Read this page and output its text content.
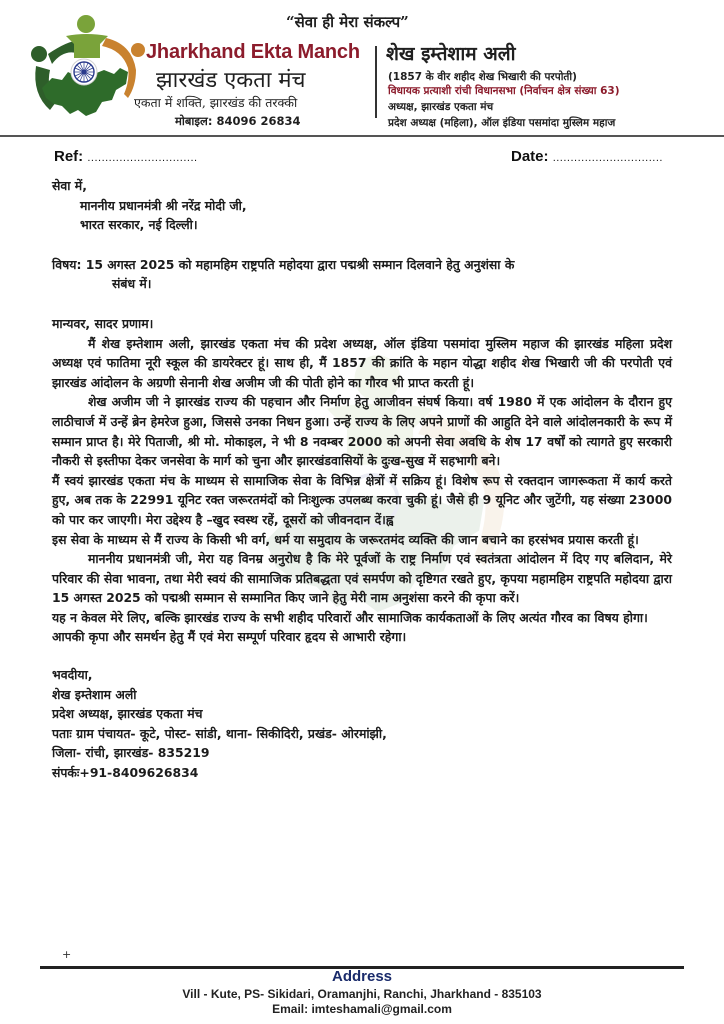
“सेवा ही मेरा संकल्प”
Jharkhand Ekta Manch
झारखंड एकता मंच
एकता में शक्ति, झारखंड की तरक्की
मोबाइल: 84096 26834
शेख इम्तेशाम अली
(1857 के वीर शहीद शेख भिखारी की परपोती)
विधायक प्रत्याशी रांची विधानसभा (निर्वाचन क्षेत्र संख्या 63)
अध्यक्ष, झारखंड एकता मंच
प्रदेश अध्यक्ष (महिला), ऑल इंडिया पसमांदा मुस्लिम महाज
Ref: ...............................	Date: ...............................

सेवा में,

माननीय प्रधानमंत्री श्री नरेंद्र मोदी जी,

भारत सरकार, नई दिल्ली।

विषय: 15 अगस्त 2025 को महामहिम राष्ट्रपति महोदया द्वारा पद्मश्री सम्मान दिलवाने हेतु अनुशंसा के

संबंध में।

मान्यवर, सादर प्रणाम।

मैं शेख इम्तेशाम अली, झारखंड एकता मंच की प्रदेश अध्यक्ष, ऑल इंडिया पसमांदा मुस्लिम महाज की झारखंड महिला प्रदेश अध्यक्ष एवं फातिमा नूरी स्कूल की डायरेक्टर हूं। साथ ही, मैं 1857 की क्रांति के महान योद्धा शहीद शेख भिखारी जी की परपोती एवं झारखंड आंदोलन के अग्रणी सेनानी शेख अजीम जी की पोती होने का गौरव भी प्राप्त करती हूं।

शेख अजीम जी ने झारखंड राज्य की पहचान और निर्माण हेतु आजीवन संघर्ष किया। वर्ष 1980 में एक आंदोलन के दौरान हुए लाठीचार्ज में उन्हें ब्रेन हेमरेज हुआ, जिससे उनका निधन हुआ। उन्हें राज्य के लिए अपने प्राणों की आहुति देने वाले आंदोलनकारी के रूप में सम्मान प्राप्त है। मेरे पिताजी, श्री मो. मोकाइल, ने भी 8 नवम्बर 2000 को अपनी सेवा अवधि के शेष 17 वर्षों को त्यागते हुए सरकारी नौकरी से इस्तीफा देकर जनसेवा के मार्ग को चुना और झारखंडवासियों के दुःख-सुख में सहभागी बने।

मैं स्वयं झारखंड एकता मंच के माध्यम से सामाजिक सेवा के विभिन्न क्षेत्रों में सक्रिय हूं। विशेष रूप से रक्तदान जागरूकता में कार्य करते हुए, अब तक के 22991 यूनिट रक्त जरूरतमंदों को निःशुल्क उपलब्ध करवा चुकी हूं। जैसे ही 9 यूनिट और जुटेंगी, यह संख्या 23000 को पार कर जाएगी। मेरा उद्देश्य है –खुद स्वस्थ रहें, दूसरों को जीवनदान दें।ह्व

इस सेवा के माध्यम से मैं राज्य के किसी भी वर्ग, धर्म या समुदाय के जरूरतमंद व्यक्ति की जान बचाने का हरसंभव प्रयास करती हूं।

माननीय प्रधानमंत्री जी, मेरा यह विनम्र अनुरोध है कि मेरे पूर्वजों के राष्ट्र निर्माण एवं स्वतंत्रता आंदोलन में दिए गए बलिदान, मेरे परिवार की सेवा भावना, तथा मेरी स्वयं की सामाजिक प्रतिबद्धता एवं समर्पण को दृष्टिगत रखते हुए, कृपया महामहिम राष्ट्रपति महोदया द्वारा 15 अगस्त 2025 को पद्मश्री सम्मान से सम्मानित किए जाने हेतु मेरी नाम अनुशंसा करने की कृपा करें।

यह न केवल मेरे लिए, बल्कि झारखंड राज्य के सभी शहीद परिवारों और सामाजिक कार्यकताओं के लिए अत्यंत गौरव का विषय होगा।

आपकी कृपा और समर्थन हेतु मैं एवं मेरा सम्पूर्ण परिवार हृदय से आभारी रहेगा।

भवदीया,

शेख इम्तेशाम अली

प्रदेश अध्यक्ष, झारखंड एकता मंच

पताः ग्राम पंचायत- कूटे, पोस्ट- सांडी, थाना- सिकीदिरी, प्रखंड- ओरमांझी,

जिला- रांची, झारखंड- 835219

संपर्कः+91-8409626834

+
Address
Vill - Kute, PS- Sikidari, Oramanjhi, Ranchi, Jharkhand - 835103
Email: imteshamali@gmail.com
